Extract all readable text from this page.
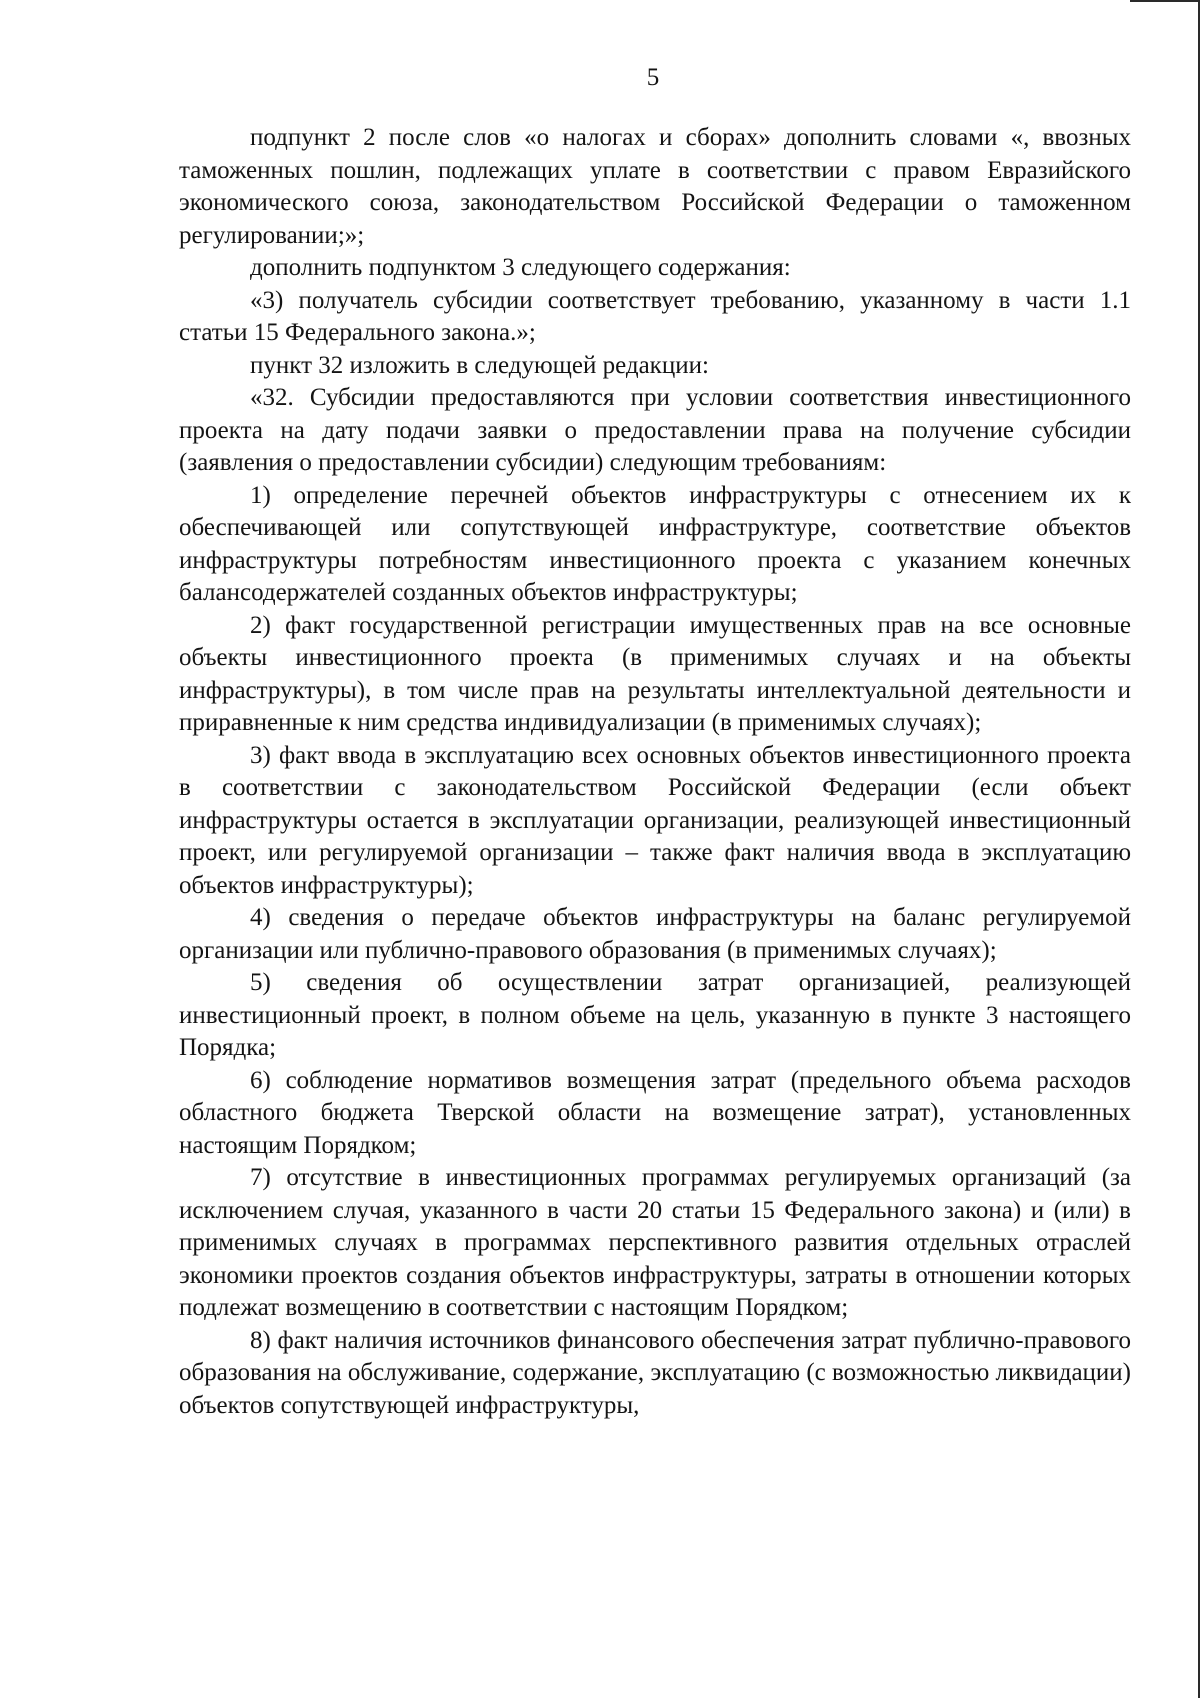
5

подпункт 2 после слов «о налогах и сборах» дополнить словами «, ввозных таможенных пошлин, подлежащих уплате в соответствии с правом Евразийского экономического союза, законодательством Российской Федерации о таможенном регулировании;»;

дополнить подпунктом 3 следующего содержания:

«3) получатель субсидии соответствует требованию, указанному в части 1.1 статьи 15 Федерального закона.»;

пункт 32 изложить в следующей редакции:

«32. Субсидии предоставляются при условии соответствия инвестиционного проекта на дату подачи заявки о предоставлении права на получение субсидии (заявления о предоставлении субсидии) следующим требованиям:

1) определение перечней объектов инфраструктуры с отнесением их к обеспечивающей или сопутствующей инфраструктуре, соответствие объектов инфраструктуры потребностям инвестиционного проекта с указанием конечных балансодержателей созданных объектов инфраструктуры;

2) факт государственной регистрации имущественных прав на все основные объекты инвестиционного проекта (в применимых случаях и на объекты инфраструктуры), в том числе прав на результаты интеллектуальной деятельности и приравненные к ним средства индивидуализации (в применимых случаях);

3) факт ввода в эксплуатацию всех основных объектов инвестиционного проекта в соответствии с законодательством Российской Федерации (если объект инфраструктуры остается в эксплуатации организации, реализующей инвестиционный проект, или регулируемой организации – также факт наличия ввода в эксплуатацию объектов инфраструктуры);

4) сведения о передаче объектов инфраструктуры на баланс регулируемой организации или публично-правового образования (в применимых случаях);

5) сведения об осуществлении затрат организацией, реализующей инвестиционный проект, в полном объеме на цель, указанную в пункте 3 настоящего Порядка;

6) соблюдение нормативов возмещения затрат (предельного объема расходов областного бюджета Тверской области на возмещение затрат), установленных настоящим Порядком;

7) отсутствие в инвестиционных программах регулируемых организаций (за исключением случая, указанного в части 20 статьи 15 Федерального закона) и (или) в применимых случаях в программах перспективного развития отдельных отраслей экономики проектов создания объектов инфраструктуры, затраты в отношении которых подлежат возмещению в соответствии с настоящим Порядком;

8) факт наличия источников финансового обеспечения затрат публично-правового образования на обслуживание, содержание, эксплуатацию (с возможностью ликвидации) объектов сопутствующей инфраструктуры,
